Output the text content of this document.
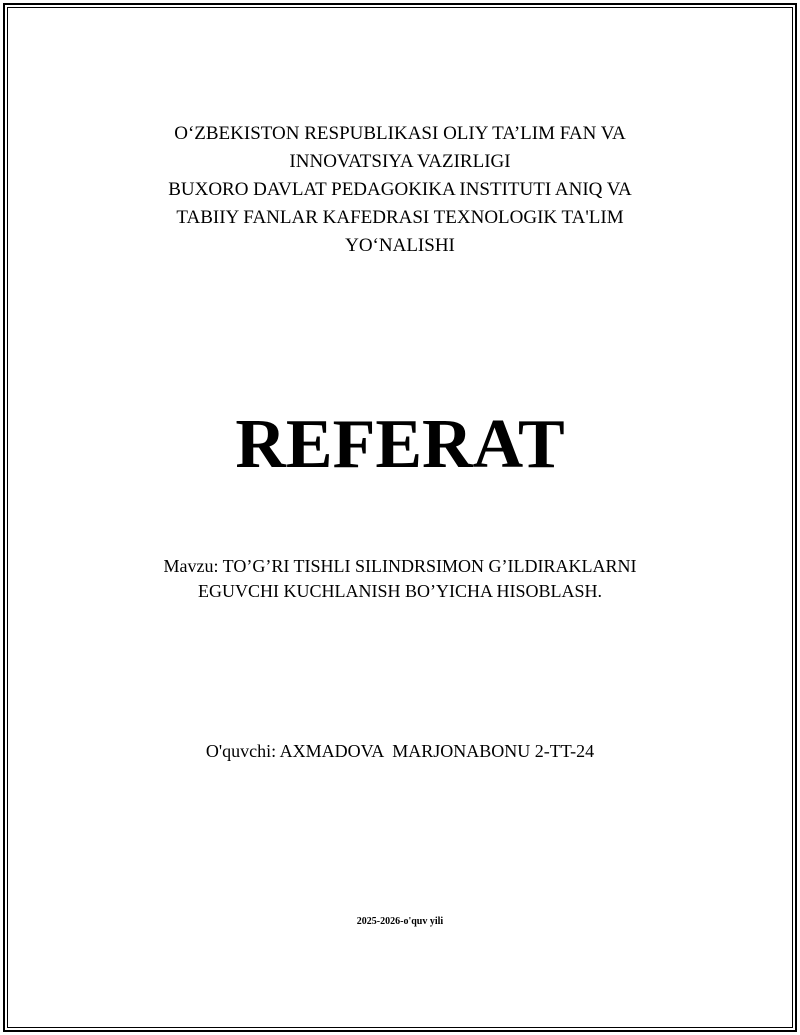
O‘ZBEKISTON RESPUBLIKASI OLIY TA’LIM FAN VA
INNOVATSIYA VAZIRLIGI
BUXORO DAVLAT PEDAGOKIKA INSTITUTI ANIQ VA
TABIIY FANLAR KAFEDRASI TEXNOLOGIK TA'LIM
YO‘NALISHI
REFERAT
Mavzu: TO’G’RI TISHLI SILINDRSIMON G’ILDIRAKLARNI
EGUVCHI KUCHLANISH BO’YICHA HISOBLASH.
O'quvchi: AXMADOVA  MARJONABONU 2-TT-24
2025-2026-o'quv yili
